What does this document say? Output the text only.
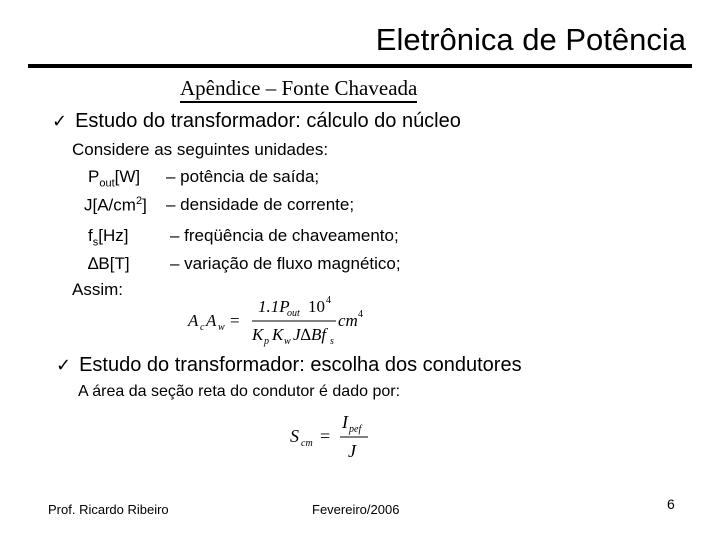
Eletrônica de Potência
Apêndice – Fonte Chaveada
✓ Estudo do transformador: cálculo do núcleo
Considere as seguintes unidades:
$P_{out}[W]$ – potência de saída;
$J[A/cm^2]$ – densidade de corrente;
$f_s[Hz]$ – freqüência de chaveamento;
∆B[T] – variação de fluxo magnético;
Assim:
A c A w =
1.1P
out 10 4
K p K w J∆Bf s
cm 4
✓ Estudo do transformador: escolha dos condutores
A área da seção reta do condutor é dado por:
S cm =
I pef
J
Prof. Ricardo Ribeiro	Fevereiro/2006	6
